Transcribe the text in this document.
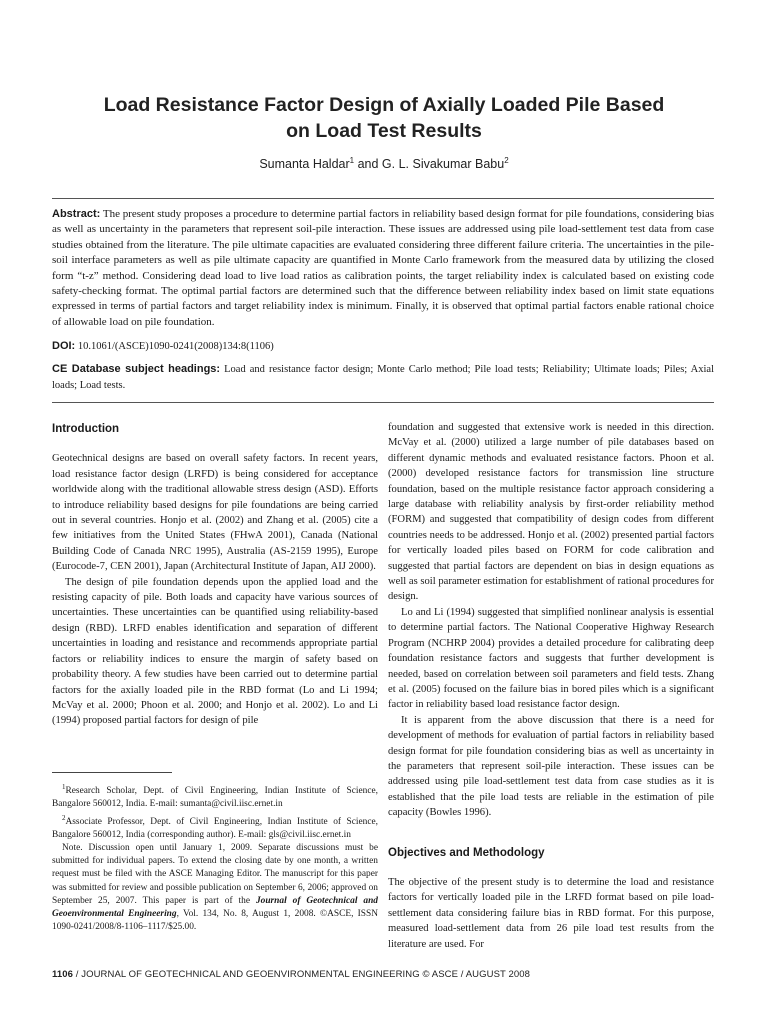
Load Resistance Factor Design of Axially Loaded Pile Based
on Load Test Results
Sumanta Haldar$^1$ and G. L. Sivakumar Babu$^2$
Abstract: The present study proposes a procedure to determine partial factors in reliability based design format for pile foundations, considering bias as well as uncertainty in the parameters that represent soil-pile interaction. These issues are addressed using pile load-settlement test data from case studies obtained from the literature. The pile ultimate capacities are evaluated considering three different failure criteria. The uncertainties in the pile-soil interface parameters as well as pile ultimate capacity are quantified in Monte Carlo framework from the measured data by utilizing the closed form “t-z” method. Considering dead load to live load ratios as calibration points, the target reliability index is calculated based on existing code safety-checking format. The optimal partial factors are determined such that the difference between reliability index based on limit state equations expressed in terms of partial factors and target reliability index is minimum. Finally, it is observed that optimal partial factors enable rational choice of allowable load on pile foundation.
DOI: 10.1061/(ASCE)1090-0241(2008)134:8(1106)
CE Database subject headings: Load and resistance factor design; Monte Carlo method; Pile load tests; Reliability; Ultimate loads; Piles; Axial loads; Load tests.

Introduction

Geotechnical designs are based on overall safety factors. In recent years, load resistance factor design (LRFD) is being considered for acceptance worldwide along with the traditional allowable stress design (ASD). Efforts to introduce reliability based designs for pile foundations are being carried out in several countries. Honjo et al. (2002) and Zhang et al. (2005) cite a few initiatives from the United States (FHwA 2001), Canada (National Building Code of Canada NRC 1995), Australia (AS-2159 1995), Europe (Eurocode-7, CEN 2001), Japan (Architectural Institute of Japan, AIJ 2000).

The design of pile foundation depends upon the applied load and the resisting capacity of pile. Both loads and capacity have various sources of uncertainties. These uncertainties can be quantified using reliability-based design (RBD). LRFD enables identification and separation of different uncertainties in loading and resistance and recommends appropriate partial factors or reliability indices to ensure the margin of safety based on probability theory. A few studies have been carried out to determine partial factors for the axially loaded pile in the RBD format (Lo and Li 1994; McVay et al. 2000; Phoon et al. 2000; and Honjo et al. 2002). Lo and Li (1994) proposed partial factors for design of pile

$^1$Research Scholar, Dept. of Civil Engineering, Indian Institute of Science, Bangalore 560012, India. E-mail: sumanta@civil.iisc.ernet.in

$^2$Associate Professor, Dept. of Civil Engineering, Indian Institute of Science, Bangalore 560012, India (corresponding author). E-mail: gls@civil.iisc.ernet.in

Note. Discussion open until January 1, 2009. Separate discussions must be submitted for individual papers. To extend the closing date by one month, a written request must be filed with the ASCE Managing Editor. The manuscript for this paper was submitted for review and possible publication on September 6, 2006; approved on September 25, 2007. This paper is part of the Journal of Geotechnical and Geoenvironmental Engineering, Vol. 134, No. 8, August 1, 2008. ©ASCE, ISSN 1090-0241/2008/8-1106–1117/$25.00.

foundation and suggested that extensive work is needed in this direction. McVay et al. (2000) utilized a large number of pile databases based on different dynamic methods and evaluated resistance factors. Phoon et al. (2000) developed resistance factors for transmission line structure foundation, based on the multiple resistance factor approach considering a large database with reliability analysis by first-order reliability method (FORM) and suggested that compatibility of design codes from different countries needs to be addressed. Honjo et al. (2002) presented partial factors for vertically loaded piles based on FORM for code calibration and suggested that partial factors are dependent on bias in design equations as well as soil parameter estimation for establishment of rational procedures for design.

Lo and Li (1994) suggested that simplified nonlinear analysis is essential to determine partial factors. The National Cooperative Highway Research Program (NCHRP 2004) provides a detailed procedure for calibrating deep foundation resistance factors and suggests that further development is needed, based on correlation between soil parameters and field tests. Zhang et al. (2005) focused on the failure bias in bored piles which is a significant factor in reliability based load resistance factor design.

It is apparent from the above discussion that there is a need for development of methods for evaluation of partial factors in reliability based design format for pile foundation considering bias as well as uncertainty in the parameters that represent soil-pile interaction. These issues can be addressed using pile load-settlement test data from case studies as it is established that the pile load tests are reliable in the estimation of pile capacity (Bowles 1996).

Objectives and Methodology

The objective of the present study is to determine the load and resistance factors for vertically loaded pile in the LRFD format based on pile load-settlement data considering failure bias in RBD format. For this purpose, measured load-settlement data from 26 pile load test results from the literature are used. For

1106 / JOURNAL OF GEOTECHNICAL AND GEOENVIRONMENTAL ENGINEERING © ASCE / AUGUST 2008
